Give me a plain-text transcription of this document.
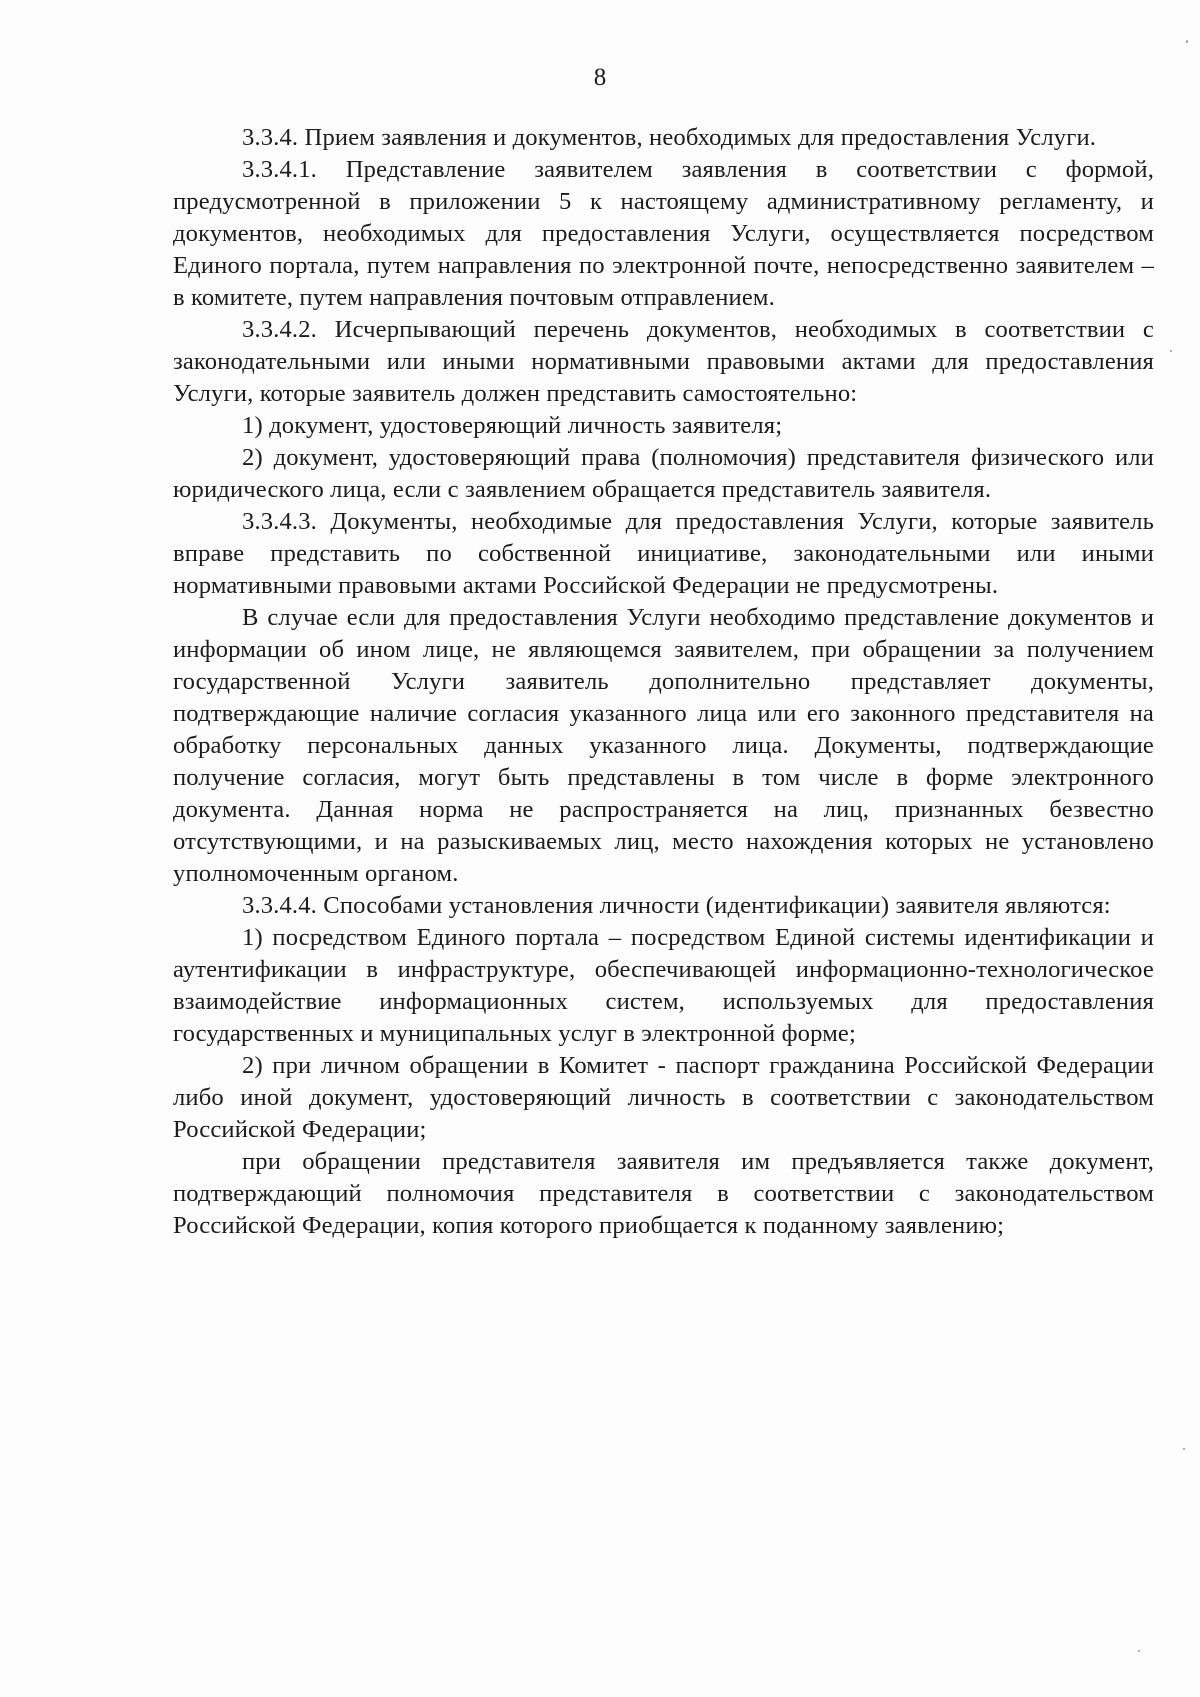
8

3.3.4. Прием заявления и документов, необходимых для предоставления Услуги.

3.3.4.1. Представление заявителем заявления в соответствии с формой, предусмотренной в приложении 5 к настоящему административному регламенту, и документов, необходимых для предоставления Услуги, осуществляется посредством Единого портала, путем направления по электронной почте, непосредственно заявителем – в комитете, путем направления почтовым отправлением.

3.3.4.2. Исчерпывающий перечень документов, необходимых в соответствии с законодательными или иными нормативными правовыми актами для предоставления Услуги, которые заявитель должен представить самостоятельно:

1) документ, удостоверяющий личность заявителя;

2) документ, удостоверяющий права (полномочия) представителя физического или юридического лица, если с заявлением обращается представитель заявителя.

3.3.4.3. Документы, необходимые для предоставления Услуги, которые заявитель вправе представить по собственной инициативе, законодательными или иными нормативными правовыми актами Российской Федерации не предусмотрены.

В случае если для предоставления Услуги необходимо представление документов и информации об ином лице, не являющемся заявителем, при обращении за получением государственной Услуги заявитель дополнительно представляет документы, подтверждающие наличие согласия указанного лица или его законного представителя на обработку персональных данных указанного лица. Документы, подтверждающие получение согласия, могут быть представлены в том числе в форме электронного документа. Данная норма не распространяется на лиц, признанных безвестно отсутствующими, и на разыскиваемых лиц, место нахождения которых не установлено уполномоченным органом.

3.3.4.4. Способами установления личности (идентификации) заявителя являются:

1) посредством Единого портала – посредством Единой системы идентификации и аутентификации в инфраструктуре, обеспечивающей информационно-технологическое взаимодействие информационных систем, используемых для предоставления государственных и муниципальных услуг в электронной форме;

2) при личном обращении в Комитет - паспорт гражданина Российской Федерации либо иной документ, удостоверяющий личность в соответствии с законодательством Российской Федерации;

при обращении представителя заявителя им предъявляется также документ, подтверждающий полномочия представителя в соответствии с законодательством Российской Федерации, копия которого приобщается к поданному заявлению;
